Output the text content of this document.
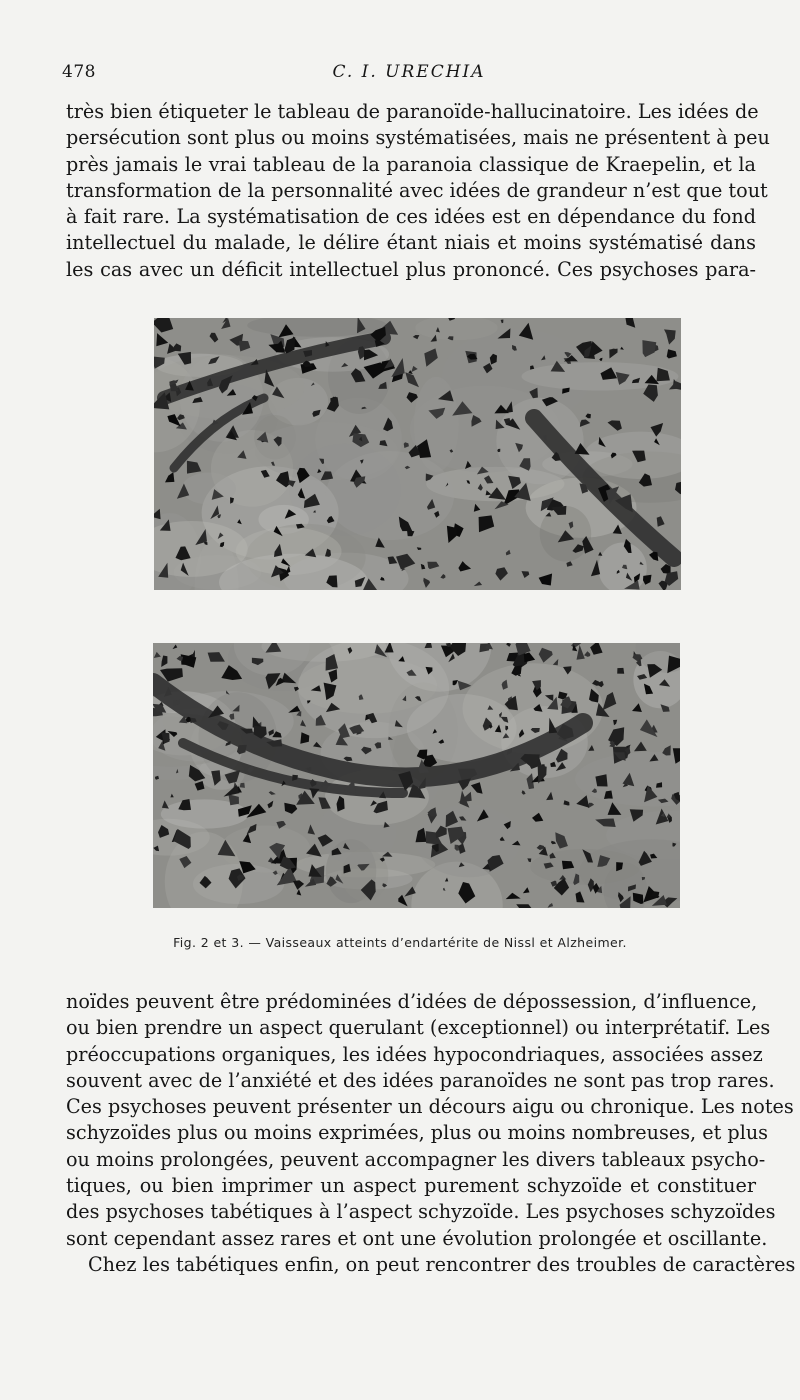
478	C. I. URECHIA
très bien étiqueter le tableau de paranoïde-hallucinatoire. Les idées de
persécution sont plus ou moins systématisées, mais ne présentent à peu
près jamais le vrai tableau de la paranoia classique de Kraepelin, et la
transformation de la personnalité avec idées de grandeur n’est que tout
à fait rare. La systématisation de ces idées est en dépendance du fond
intellectuel du malade, le délire étant niais et moins systématisé dans
les cas avec un déficit intellectuel plus prononcé. Ces psychoses para-
Fig. 2 et 3. — Vaisseaux atteints d’endartérite de Nissl et Alzheimer.
noïdes peuvent être prédominées d’idées de dépossession, d’influence,
ou bien prendre un aspect querulant (exceptionnel) ou interprétatif. Les
préoccupations organiques, les idées hypocondriaques, associées assez
souvent avec de l’anxiété et des idées paranoïdes ne sont pas trop rares.
Ces psychoses peuvent présenter un décours aigu ou chronique. Les notes
schyzoïdes plus ou moins exprimées, plus ou moins nombreuses, et plus
ou moins prolongées, peuvent accompagner les divers tableaux psycho-
tiques, ou bien imprimer un aspect purement schyzoïde et constituer
des psychoses tabétiques à l’aspect schyzoïde. Les psychoses schyzoïdes
sont cependant assez rares et ont une évolution prolongée et oscillante.
Chez les tabétiques enfin, on peut rencontrer des troubles de caractères
